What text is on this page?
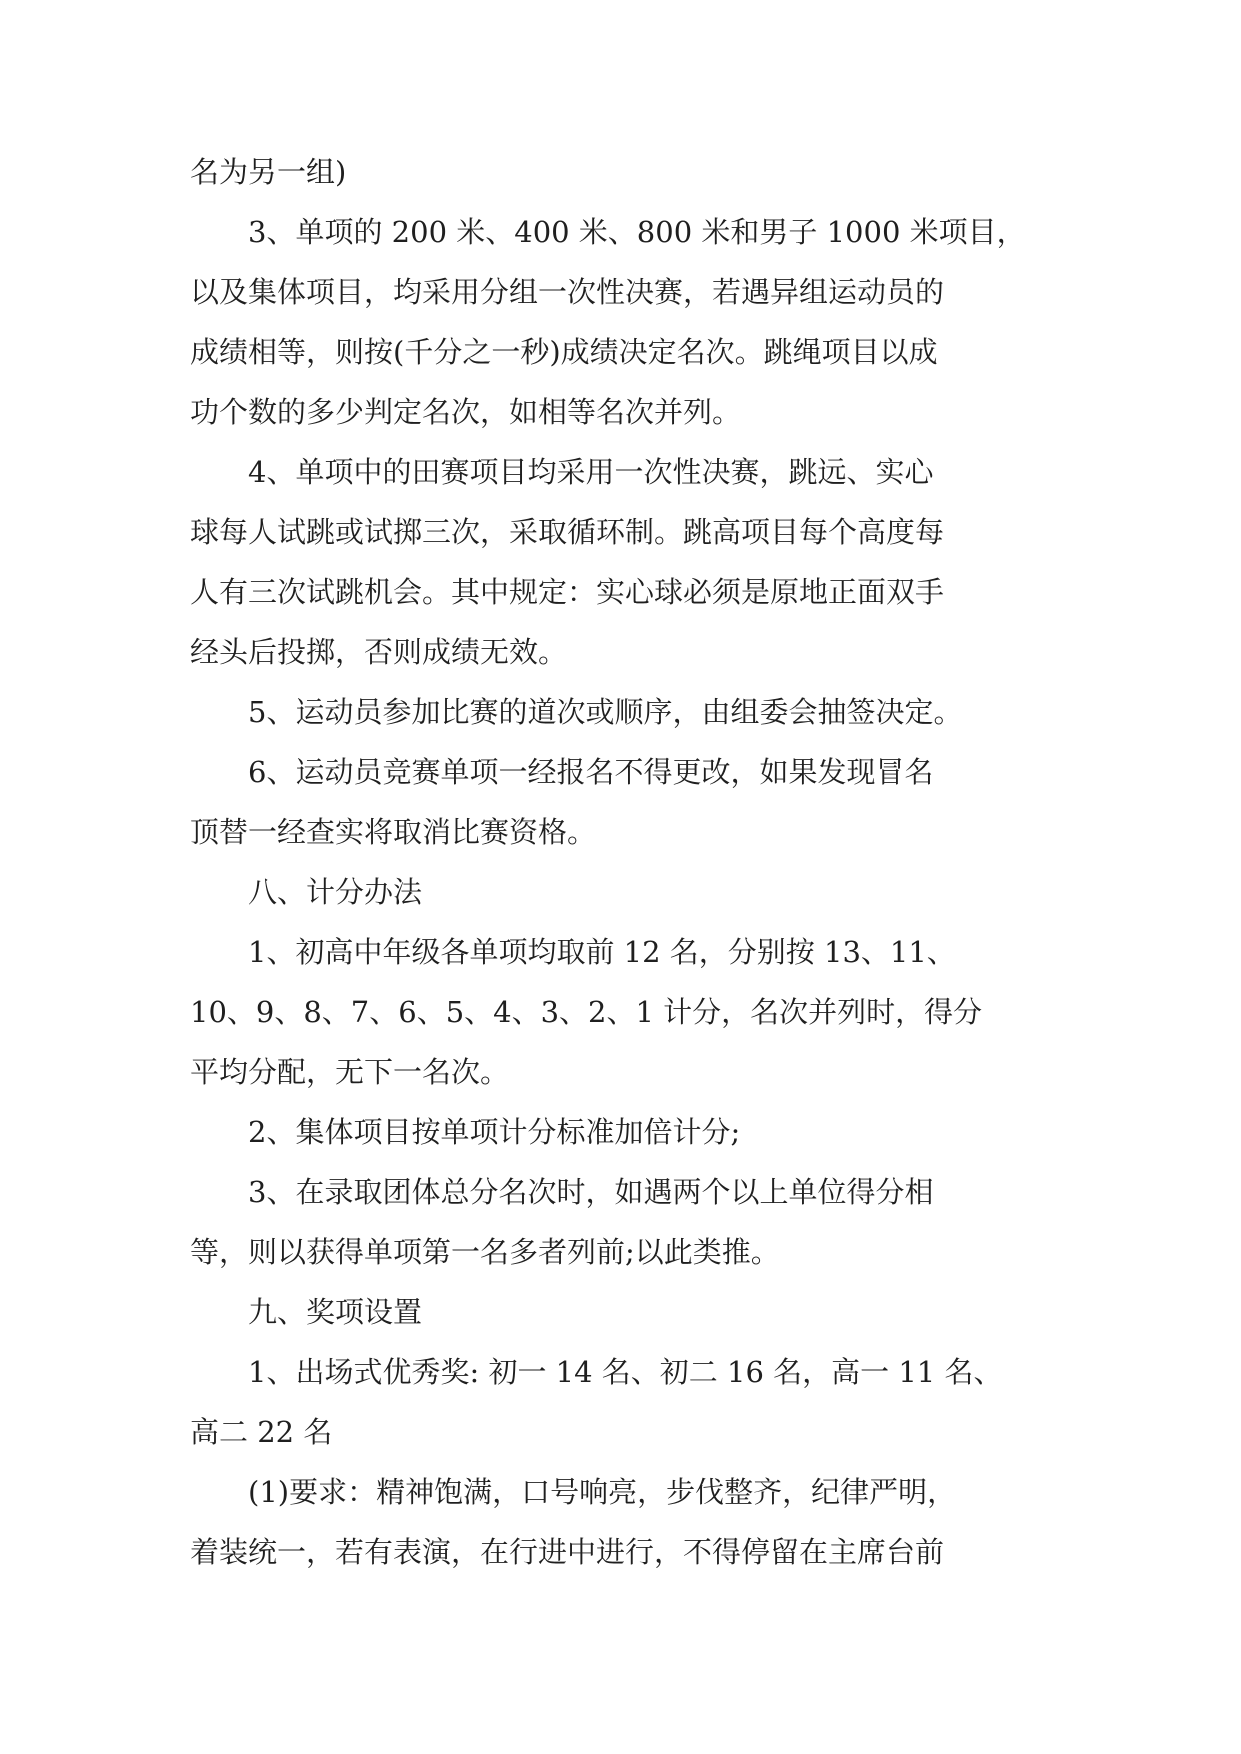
名为另一组)
3、单项的 200 米、400 米、800 米和男子 1000 米项目，
以及集体项目，均采用分组一次性决赛，若遇异组运动员的
成绩相等，则按(千分之一秒)成绩决定名次。跳绳项目以成
功个数的多少判定名次，如相等名次并列。
4、单项中的田赛项目均采用一次性决赛，跳远、实心
球每人试跳或试掷三次，采取循环制。跳高项目每个高度每
人有三次试跳机会。其中规定：实心球必须是原地正面双手
经头后投掷，否则成绩无效。
5、运动员参加比赛的道次或顺序，由组委会抽签决定。
6、运动员竞赛单项一经报名不得更改，如果发现冒名
顶替一经查实将取消比赛资格。
八、计分办法
1、初高中年级各单项均取前 12 名，分别按 13、11、
10、9、8、7、6、5、4、3、2、1 计分，名次并列时，得分
平均分配，无下一名次。
2、集体项目按单项计分标准加倍计分;
3、在录取团体总分名次时，如遇两个以上单位得分相
等，则以获得单项第一名多者列前;以此类推。
九、奖项设置
1、出场式优秀奖: 初一 14 名、初二 16 名，高一 11 名、
高二 22 名
(1)要求：精神饱满，口号响亮，步伐整齐，纪律严明，
着装统一，若有表演，在行进中进行，不得停留在主席台前
